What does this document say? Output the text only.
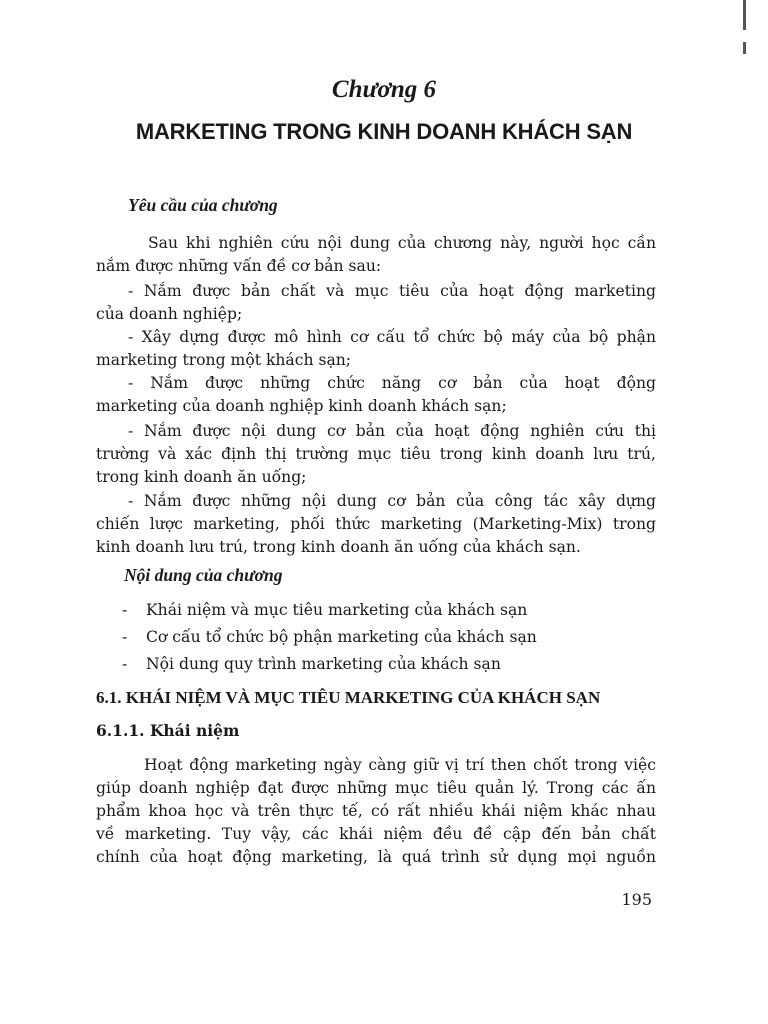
Chương 6
MARKETING TRONG KINH DOANH KHÁCH SẠN
Yêu cầu của chương
Sau khi nghiên cứu nội dung của chương này, người học cần
nắm được những vấn đề cơ bản sau:
- Nắm được bản chất và mục tiêu của hoạt động marketing
của doanh nghiệp;
- Xây dựng được mô hình cơ cấu tổ chức bộ máy của bộ phận
marketing trong một khách sạn;
- Nắm được những chức năng cơ bản của hoạt động
marketing của doanh nghiệp kinh doanh khách sạn;
- Nắm được nội dung cơ bản của hoạt động nghiên cứu thị
trường và xác định thị trường mục tiêu trong kinh doanh lưu trú,
trong kinh doanh ăn uống;
- Nắm được những nội dung cơ bản của công tác xây dựng
chiến lược marketing, phối thức marketing (Marketing-Mix) trong
kinh doanh lưu trú, trong kinh doanh ăn uống của khách sạn.
Nội dung của chương
- Khái niệm và mục tiêu marketing của khách sạn
- Cơ cấu tổ chức bộ phận marketing của khách sạn
- Nội dung quy trình marketing của khách sạn
6.1. KHÁI NIỆM VÀ MỤC TIÊU MARKETING CỦA KHÁCH SẠN
6.1.1. Khái niệm
Hoạt động marketing ngày càng giữ vị trí then chốt trong việc
giúp doanh nghiệp đạt được những mục tiêu quản lý. Trong các ấn
phẩm khoa học và trên thực tế, có rất nhiều khái niệm khác nhau
về marketing. Tuy vậy, các khái niệm đều đề cập đến bản chất
chính của hoạt động marketing, là quá trình sử dụng mọi nguồn
195
